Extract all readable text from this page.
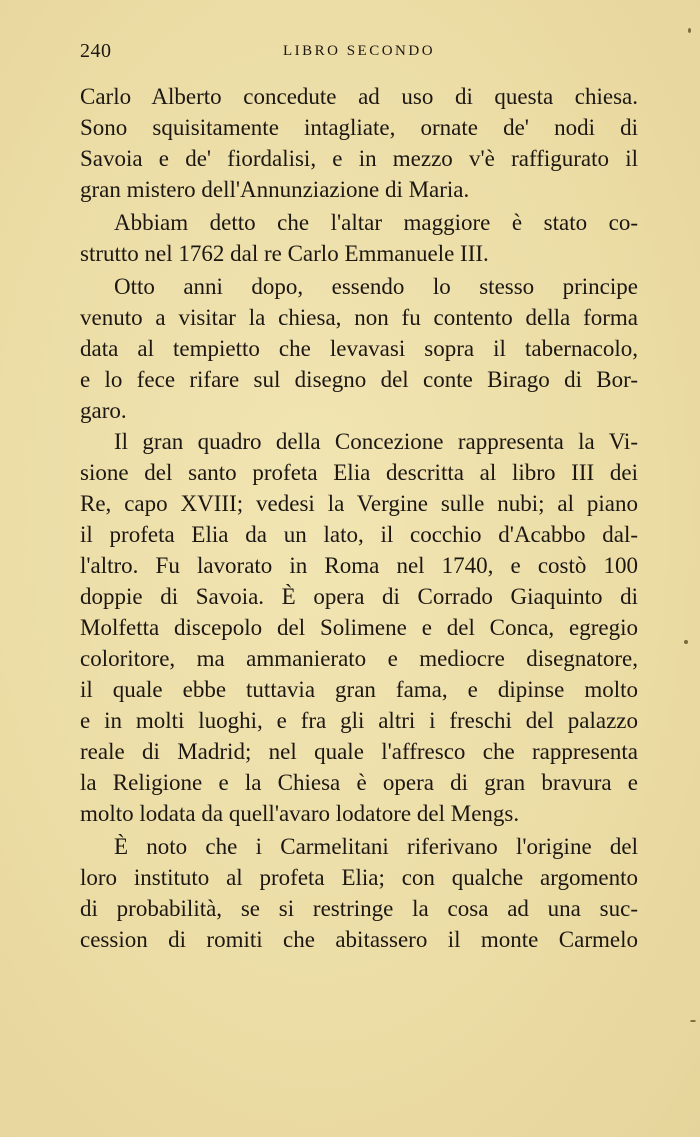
240	LIBRO SECONDO
Carlo Alberto concedute ad uso di questa chiesa.
Sono squisitamente intagliate, ornate de' nodi di
Savoia e de' fiordalisi, e in mezzo v'è raffigurato il
gran mistero dell'Annunziazione di Maria.
Abbiam detto che l'altar maggiore è stato co-
strutto nel 1762 dal re Carlo Emmanuele III.
Otto anni dopo, essendo lo stesso principe
venuto a visitar la chiesa, non fu contento della forma
data al tempietto che levavasi sopra il tabernacolo,
e lo fece rifare sul disegno del conte Birago di Bor-
garo.
Il gran quadro della Concezione rappresenta la Vi-
sione del santo profeta Elia descritta al libro III dei
Re, capo XVIII; vedesi la Vergine sulle nubi; al piano
il profeta Elia da un lato, il cocchio d'Acabbo dal-
l'altro. Fu lavorato in Roma nel 1740, e costò 100
doppie di Savoia. È opera di Corrado Giaquinto di
Molfetta discepolo del Solimene e del Conca, egregio
coloritore, ma ammanierato e mediocre disegnatore,
il quale ebbe tuttavia gran fama, e dipinse molto
e in molti luoghi, e fra gli altri i freschi del palazzo
reale di Madrid; nel quale l'affresco che rappresenta
la Religione e la Chiesa è opera di gran bravura e
molto lodata da quell'avaro lodatore del Mengs.
È noto che i Carmelitani riferivano l'origine del
loro instituto al profeta Elia; con qualche argomento
di probabilità, se si restringe la cosa ad una suc-
cession di romiti che abitassero il monte Carmelo
